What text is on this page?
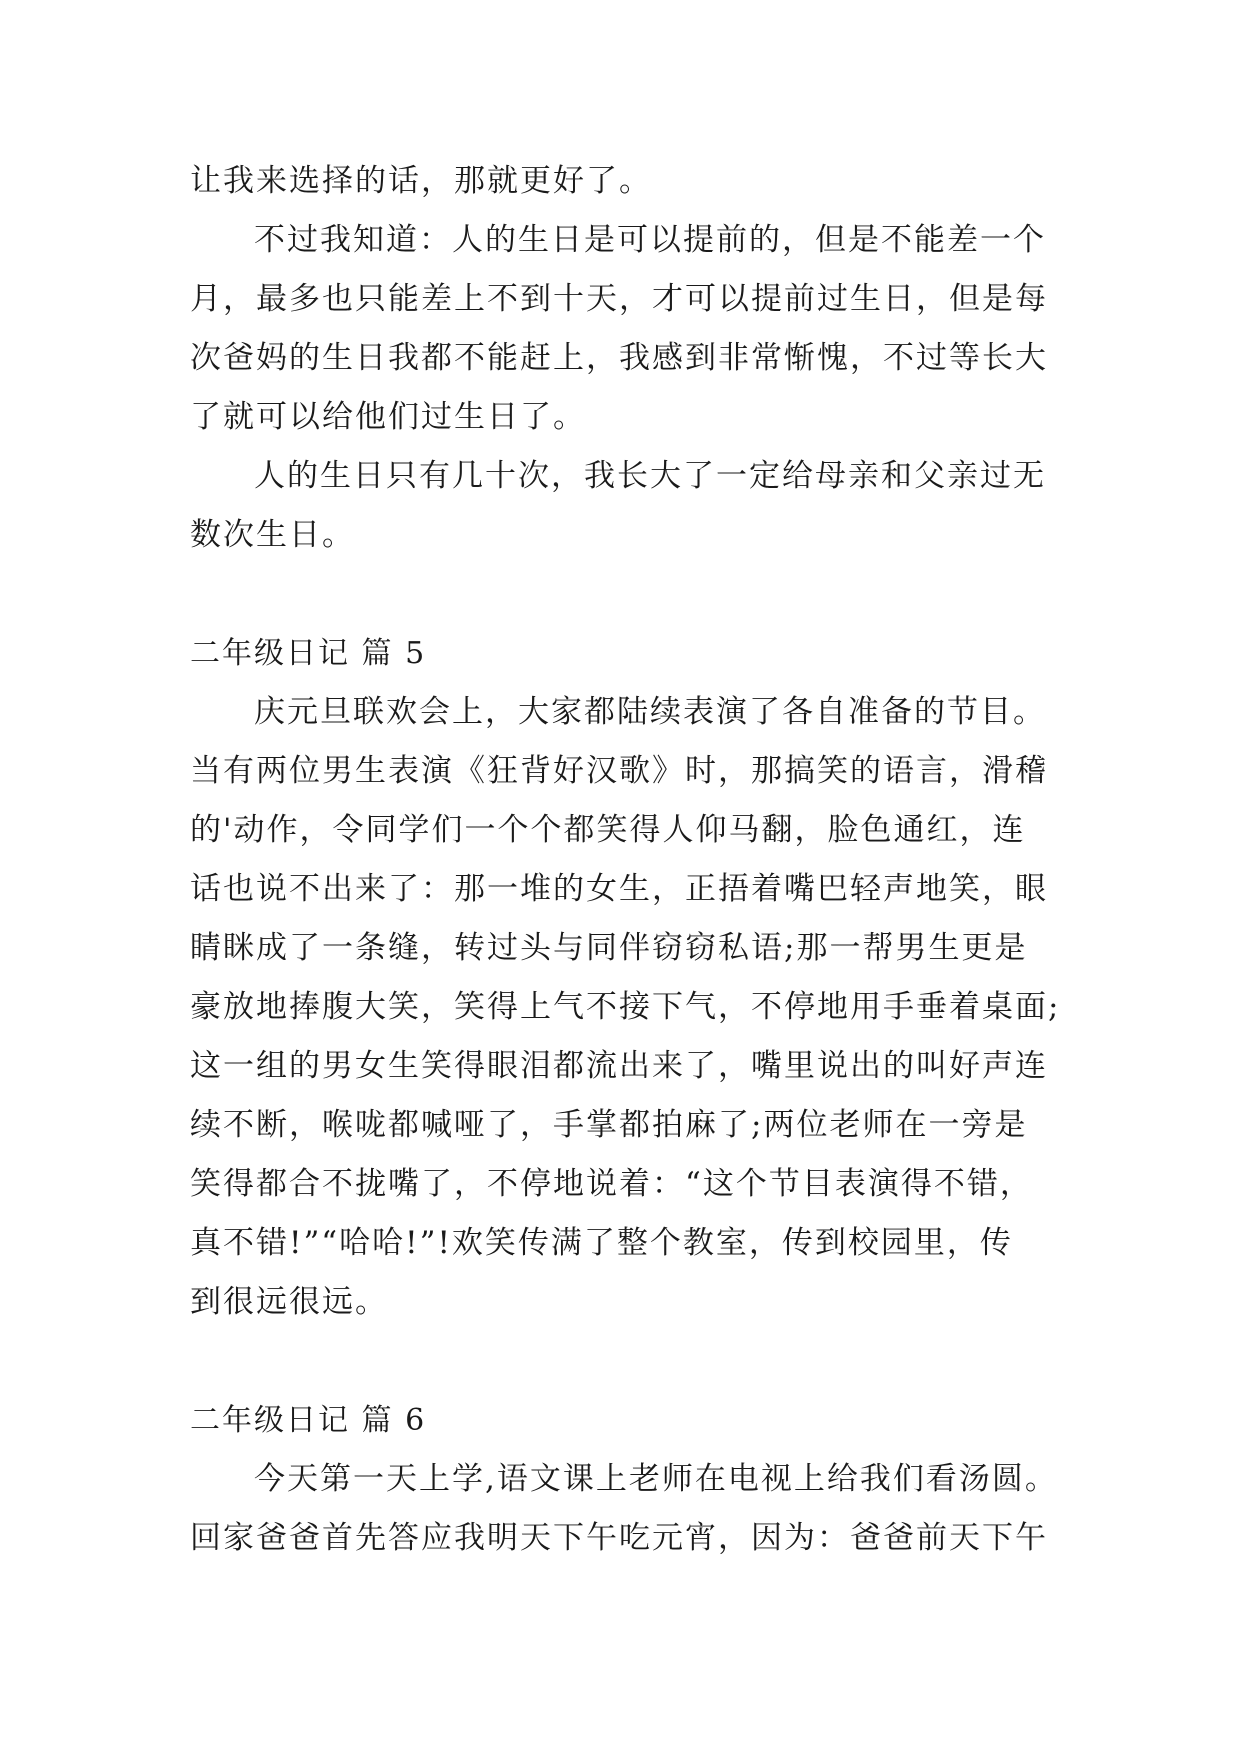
让我来选择的话，那就更好了。
不过我知道：人的生日是可以提前的，但是不能差一个
月，最多也只能差上不到十天，才可以提前过生日，但是每
次爸妈的生日我都不能赶上，我感到非常惭愧，不过等长大
了就可以给他们过生日了。
人的生日只有几十次，我长大了一定给母亲和父亲过无
数次生日。
二年级日记 篇 5
庆元旦联欢会上，大家都陆续表演了各自准备的节目。
当有两位男生表演《狂背好汉歌》时，那搞笑的语言，滑稽
的'动作，令同学们一个个都笑得人仰马翻，脸色通红，连
话也说不出来了：那一堆的女生，正捂着嘴巴轻声地笑，眼
睛眯成了一条缝，转过头与同伴窃窃私语;那一帮男生更是
豪放地捧腹大笑，笑得上气不接下气，不停地用手垂着桌面;
这一组的男女生笑得眼泪都流出来了，嘴里说出的叫好声连
续不断，喉咙都喊哑了，手掌都拍麻了;两位老师在一旁是
笑得都合不拢嘴了，不停地说着：“这个节目表演得不错，
真不错!”“哈哈!”!欢笑传满了整个教室，传到校园里，传
到很远很远。
二年级日记 篇 6
今天第一天上学,语文课上老师在电视上给我们看汤圆。
回家爸爸首先答应我明天下午吃元宵，因为：爸爸前天下午
